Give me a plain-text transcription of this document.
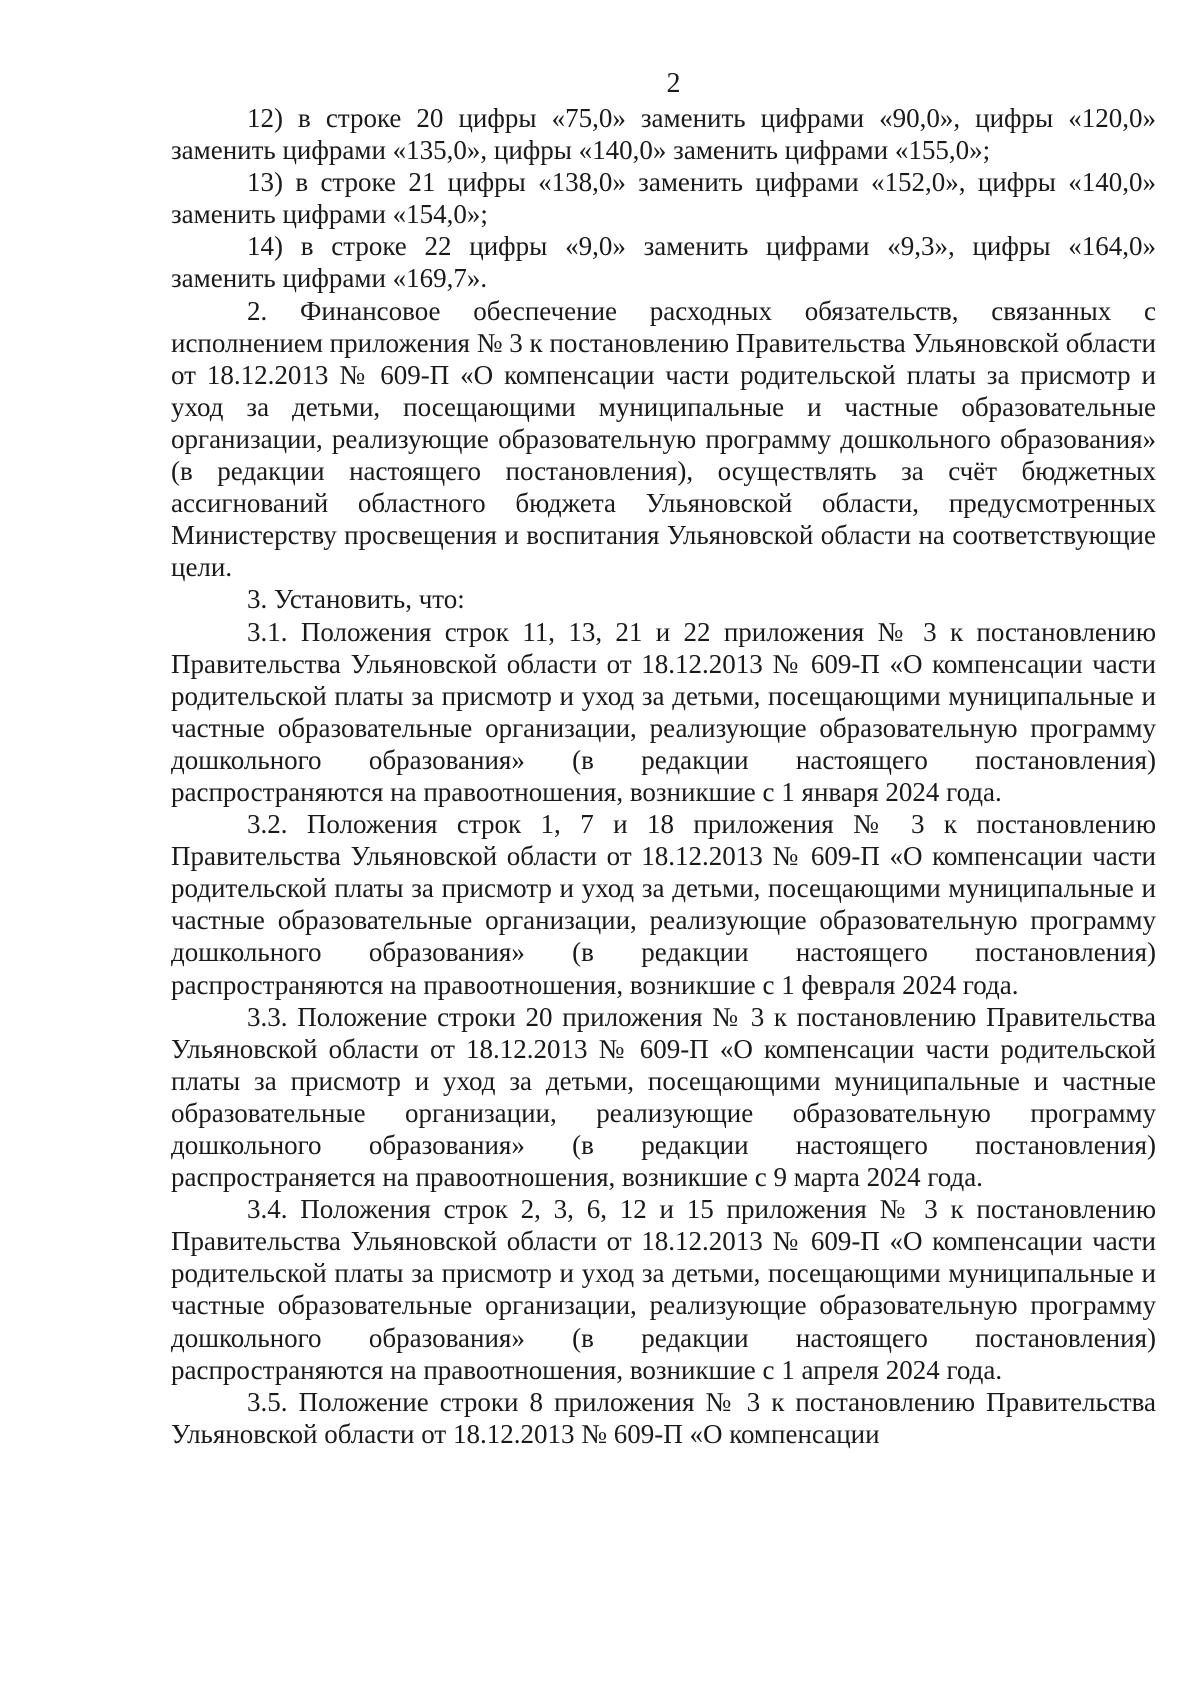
2

12) в строке 20 цифры «75,0» заменить цифрами «90,0», цифры «120,0» заменить цифрами «135,0», цифры «140,0» заменить цифрами «155,0»;

13) в строке 21 цифры «138,0» заменить цифрами «152,0», цифры «140,0» заменить цифрами «154,0»;

14) в строке 22 цифры «9,0» заменить цифрами «9,3», цифры «164,0» заменить цифрами «169,7».

2. Финансовое обеспечение расходных обязательств, связанных с исполнением приложения № 3 к постановлению Правительства Ульяновской области от 18.12.2013 № 609-П «О компенсации части родительской платы за присмотр и уход за детьми, посещающими муниципальные и частные образовательные организации, реализующие образовательную программу дошкольного образования» (в редакции настоящего постановления), осуществлять за счёт бюджетных ассигнований областного бюджета Ульяновской области, предусмотренных Министерству просвещения и воспитания Ульяновской области на соответствующие цели.

3. Установить, что:

3.1. Положения строк 11, 13, 21 и 22 приложения № 3 к постановлению Правительства Ульяновской области от 18.12.2013 № 609-П «О компенсации части родительской платы за присмотр и уход за детьми, посещающими муниципальные и частные образовательные организации, реализующие образовательную программу дошкольного образования» (в редакции настоящего постановления) распространяются на правоотношения, возникшие с 1 января 2024 года.

3.2. Положения строк 1, 7 и 18 приложения № 3 к постановлению Правительства Ульяновской области от 18.12.2013 № 609-П «О компенсации части родительской платы за присмотр и уход за детьми, посещающими муниципальные и частные образовательные организации, реализующие образовательную программу дошкольного образования» (в редакции настоящего постановления) распространяются на правоотношения, возникшие с 1 февраля 2024 года.

3.3. Положение строки 20 приложения № 3 к постановлению Правительства Ульяновской области от 18.12.2013 № 609-П «О компенсации части родительской платы за присмотр и уход за детьми, посещающими муниципальные и частные образовательные организации, реализующие образовательную программу дошкольного образования» (в редакции настоящего постановления) распространяется на правоотношения, возникшие с 9 марта 2024 года.

3.4. Положения строк 2, 3, 6, 12 и 15 приложения № 3 к постановлению Правительства Ульяновской области от 18.12.2013 № 609-П «О компенсации части родительской платы за присмотр и уход за детьми, посещающими муниципальные и частные образовательные организации, реализующие образовательную программу дошкольного образования» (в редакции настоящего постановления) распространяются на правоотношения, возникшие с 1 апреля 2024 года.

3.5. Положение строки 8 приложения № 3 к постановлению Правительства Ульяновской области от 18.12.2013 № 609-П «О компенсации
